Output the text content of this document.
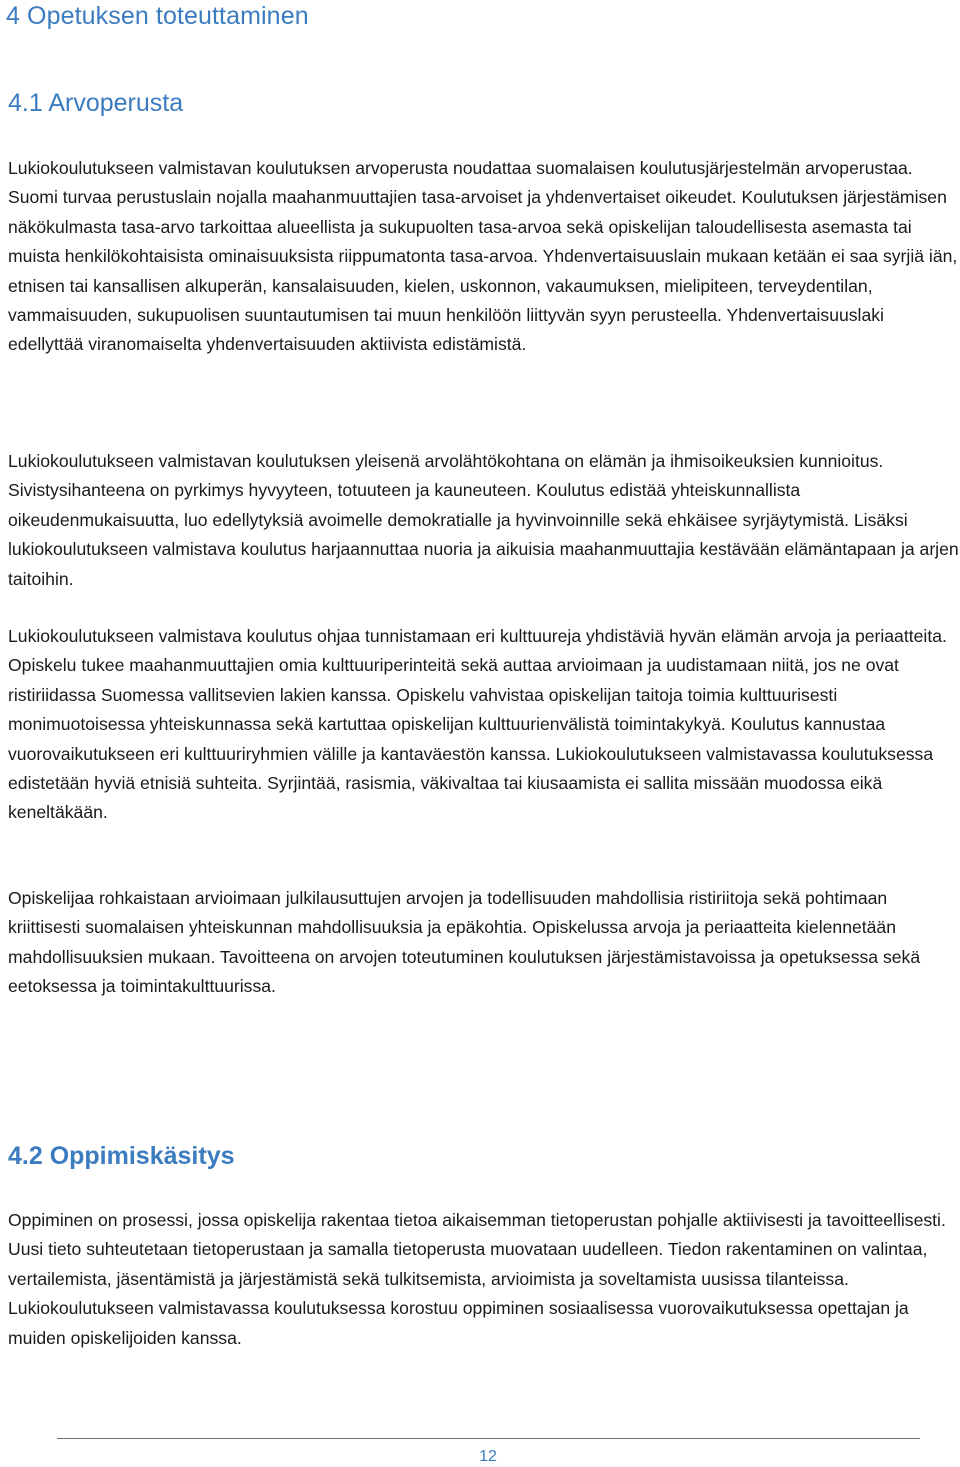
4 Opetuksen toteuttaminen
4.1 Arvoperusta

Lukiokoulutukseen valmistavan koulutuksen arvoperusta noudattaa suomalaisen koulutusjärjestelmän arvoperustaa. Suomi turvaa perustuslain nojalla maahanmuuttajien tasa-arvoiset ja yhdenvertaiset oikeudet. Koulutuksen järjestämisen näkökulmasta tasa-arvo tarkoittaa alueellista ja sukupuolten tasa-arvoa sekä opiskelijan taloudellisesta asemasta tai muista henkilökohtaisista ominaisuuksista riippumatonta tasa-arvoa. Yhdenvertaisuuslain mukaan ketään ei saa syrjiä iän, etnisen tai kansallisen alkuperän, kansalaisuuden, kielen, uskonnon, vakaumuksen, mielipiteen, terveydentilan, vammaisuuden, sukupuolisen suuntautumisen tai muun henkilöön liittyvän syyn perusteella. Yhdenvertaisuuslaki edellyttää viranomaiselta yhdenvertaisuuden aktiivista edistämistä.

Lukiokoulutukseen valmistavan koulutuksen yleisenä arvolähtökohtana on elämän ja ihmisoikeuksien kunnioitus. Sivistysihanteena on pyrkimys hyvyyteen, totuuteen ja kauneuteen. Koulutus edistää yhteiskunnallista oikeudenmukaisuutta, luo edellytyksiä avoimelle demokratialle ja hyvinvoinnille sekä ehkäisee syrjäytymistä. Lisäksi lukiokoulutukseen valmistava koulutus harjaannuttaa nuoria ja aikuisia maahanmuuttajia kestävään elämäntapaan ja arjen taitoihin.

Lukiokoulutukseen valmistava koulutus ohjaa tunnistamaan eri kulttuureja yhdistäviä hyvän elämän arvoja ja periaatteita. Opiskelu tukee maahanmuuttajien omia kulttuuriperinteitä sekä auttaa arvioimaan ja uudistamaan niitä, jos ne ovat ristiriidassa Suomessa vallitsevien lakien kanssa. Opiskelu vahvistaa opiskelijan taitoja toimia kulttuurisesti monimuotoisessa yhteiskunnassa sekä kartuttaa opiskelijan kulttuurienvälistä toimintakykyä. Koulutus kannustaa vuorovaikutukseen eri kulttuuriryhmien välille ja kantaväestön kanssa. Lukiokoulutukseen valmistavassa koulutuksessa edistetään hyviä etnisiä suhteita. Syrjintää, rasismia, väkivaltaa tai kiusaamista ei sallita missään muodossa eikä keneltäkään.

Opiskelijaa rohkaistaan arvioimaan julkilausuttujen arvojen ja todellisuuden mahdollisia ristiriitoja sekä pohtimaan kriittisesti suomalaisen yhteiskunnan mahdollisuuksia ja epäkohtia. Opiskelussa arvoja ja periaatteita kielennetään mahdollisuuksien mukaan. Tavoitteena on arvojen toteutuminen koulutuksen järjestämistavoissa ja opetuksessa sekä eetoksessa ja toimintakulttuurissa.

4.2 Oppimiskäsitys

Oppiminen on prosessi, jossa opiskelija rakentaa tietoa aikaisemman tietoperustan pohjalle aktiivisesti ja tavoitteellisesti. Uusi tieto suhteutetaan tietoperustaan ja samalla tietoperusta muovataan uudelleen. Tiedon rakentaminen on valintaa, vertailemista, jäsentämistä ja järjestämistä sekä tulkitsemista, arvioimista ja soveltamista uusissa tilanteissa. Lukiokoulutukseen valmistavassa koulutuksessa korostuu oppiminen sosiaalisessa vuorovaikutuksessa opettajan ja muiden opiskelijoiden kanssa.

12
